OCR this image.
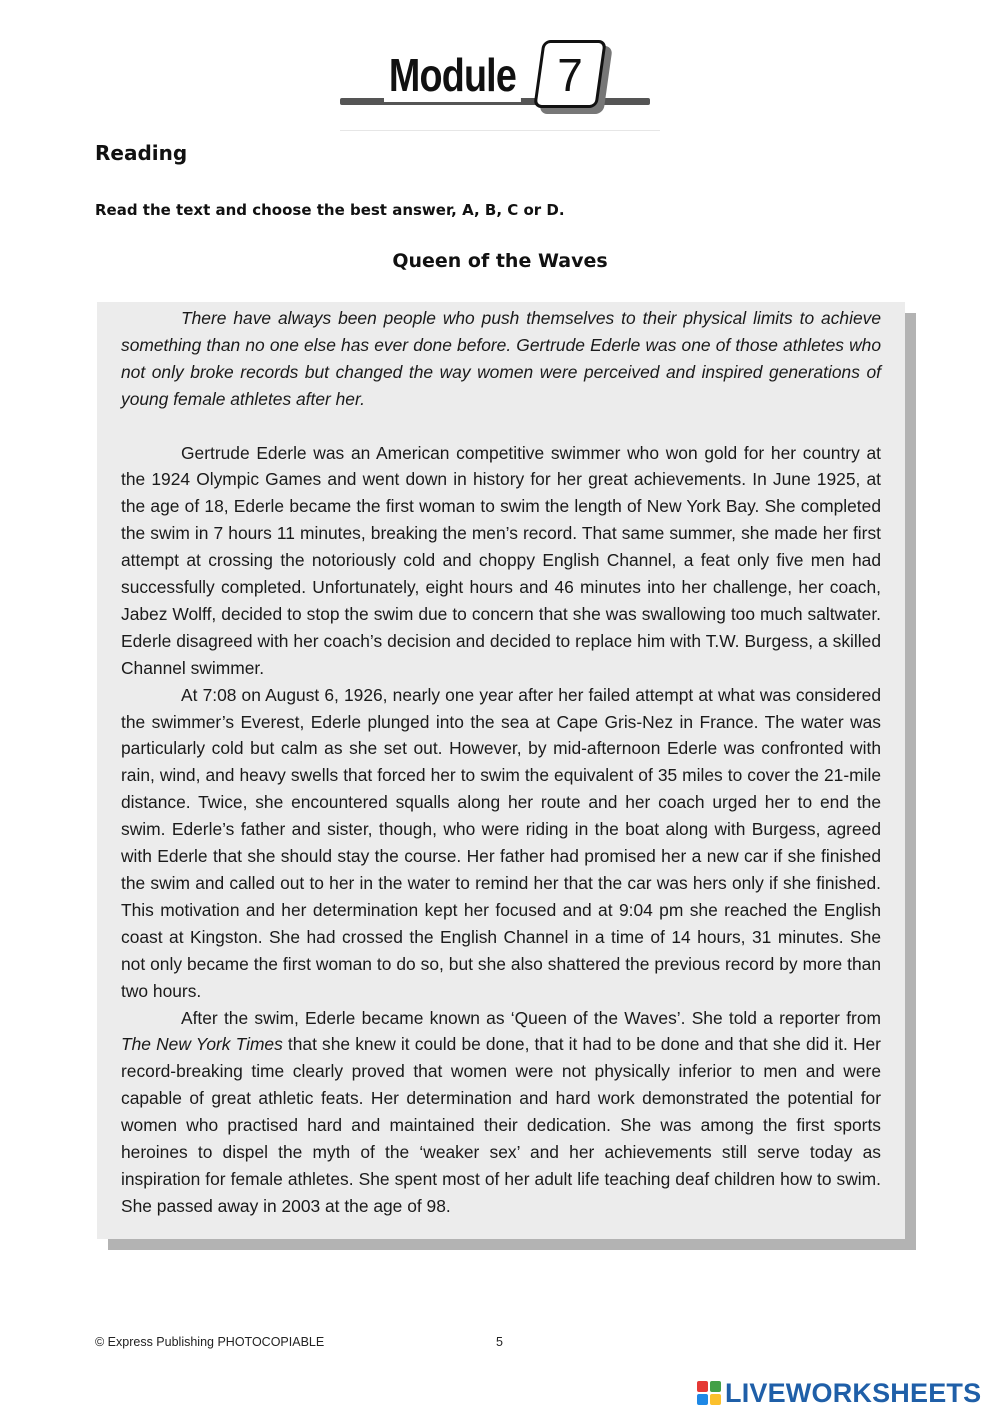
Module 7
Reading

Read the text and choose the best answer, A, B, C or D.

Queen of the Waves

There have always been people who push themselves to their physical limits to achieve something than no one else has ever done before. Gertrude Ederle was one of those athletes who not only broke records but changed the way women were perceived and inspired generations of young female athletes after her.

Gertrude Ederle was an American competitive swimmer who won gold for her country at the 1924 Olympic Games and went down in history for her great achievements. In June 1925, at the age of 18, Ederle became the first woman to swim the length of New York Bay. She completed the swim in 7 hours 11 minutes, breaking the men’s record. That same summer, she made her first attempt at crossing the notoriously cold and choppy English Channel, a feat only five men had successfully completed. Unfortunately, eight hours and 46 minutes into her challenge, her coach, Jabez Wolff, decided to stop the swim due to concern that she was swallowing too much saltwater. Ederle disagreed with her coach’s decision and decided to replace him with T.W. Burgess, a skilled Channel swimmer.

At 7:08 on August 6, 1926, nearly one year after her failed attempt at what was considered the swimmer’s Everest, Ederle plunged into the sea at Cape Gris-Nez in France. The water was particularly cold but calm as she set out. However, by mid-afternoon Ederle was confronted with rain, wind, and heavy swells that forced her to swim the equivalent of 35 miles to cover the 21-mile distance. Twice, she encountered squalls along her route and her coach urged her to end the swim. Ederle’s father and sister, though, who were riding in the boat along with Burgess, agreed with Ederle that she should stay the course. Her father had promised her a new car if she finished the swim and called out to her in the water to remind her that the car was hers only if she finished. This motivation and her determination kept her focused and at 9:04 pm she reached the English coast at Kingston. She had crossed the English Channel in a time of 14 hours, 31 minutes. She not only became the first woman to do so, but she also shattered the previous record by more than two hours.

After the swim, Ederle became known as ‘Queen of the Waves’. She told a reporter from The New York Times that she knew it could be done, that it had to be done and that she did it. Her record-breaking time clearly proved that women were not physically inferior to men and were capable of great athletic feats. Her determination and hard work demonstrated the potential for women who practised hard and maintained their dedication. She was among the first sports heroines to dispel the myth of the ‘weaker sex’ and her achievements still serve today as inspiration for female athletes. She spent most of her adult life teaching deaf children how to swim. She passed away in 2003 at the age of 98.

© Express Publishing PHOTOCOPIABLE	5
LIVEWORKSHEETS
